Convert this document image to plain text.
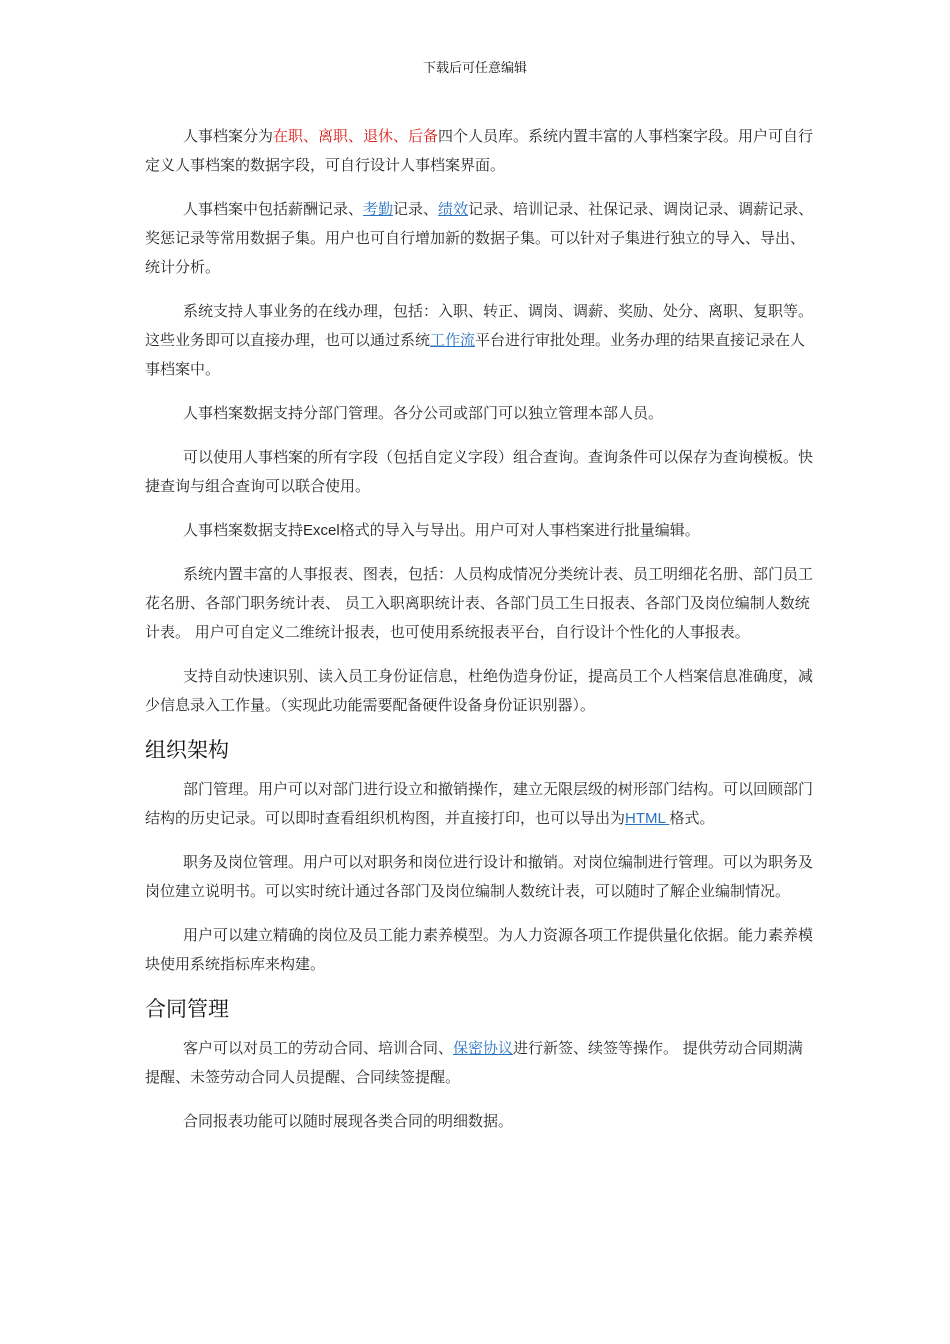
下载后可任意编辑

人事档案分为在职、离职、退休、后备四个人员库。系统内置丰富的人事档案字段。用户可自行定义人事档案的数据字段，可自行设计人事档案界面。

人事档案中包括薪酬记录、考勤记录、绩效记录、培训记录、社保记录、调岗记录、调薪记录、奖惩记录等常用数据子集。用户也可自行增加新的数据子集。可以针对子集进行独立的导入、导出、统计分析。

系统支持人事业务的在线办理，包括：入职、转正、调岗、调薪、奖励、处分、离职、复职等。这些业务即可以直接办理，也可以通过系统工作流平台进行审批处理。业务办理的结果直接记录在人事档案中。

人事档案数据支持分部门管理。各分公司或部门可以独立管理本部人员。

可以使用人事档案的所有字段（包括自定义字段）组合查询。查询条件可以保存为查询模板。快捷查询与组合查询可以联合使用。

人事档案数据支持Excel格式的导入与导出。用户可对人事档案进行批量编辑。

系统内置丰富的人事报表、图表，包括：人员构成情况分类统计表、员工明细花名册、部门员工花名册、各部门职务统计表、 员工入职离职统计表、各部门员工生日报表、各部门及岗位编制人数统计表。 用户可自定义二维统计报表，也可使用系统报表平台，自行设计个性化的人事报表。

支持自动快速识别、读入员工身份证信息，杜绝伪造身份证，提高员工个人档案信息准确度，减少信息录入工作量。（实现此功能需要配备硬件设备身份证识别器）。

组织架构

部门管理。用户可以对部门进行设立和撤销操作，建立无限层级的树形部门结构。可以回顾部门结构的历史记录。可以即时查看组织机构图，并直接打印，也可以导出为HTML 格式。

职务及岗位管理。用户可以对职务和岗位进行设计和撤销。对岗位编制进行管理。可以为职务及岗位建立说明书。可以实时统计通过各部门及岗位编制人数统计表，可以随时了解企业编制情况。

用户可以建立精确的岗位及员工能力素养模型。为人力资源各项工作提供量化依据。能力素养模块使用系统指标库来构建。

合同管理

客户可以对员工的劳动合同、培训合同、保密协议进行新签、续签等操作。 提供劳动合同期满提醒、未签劳动合同人员提醒、合同续签提醒。

合同报表功能可以随时展现各类合同的明细数据。
